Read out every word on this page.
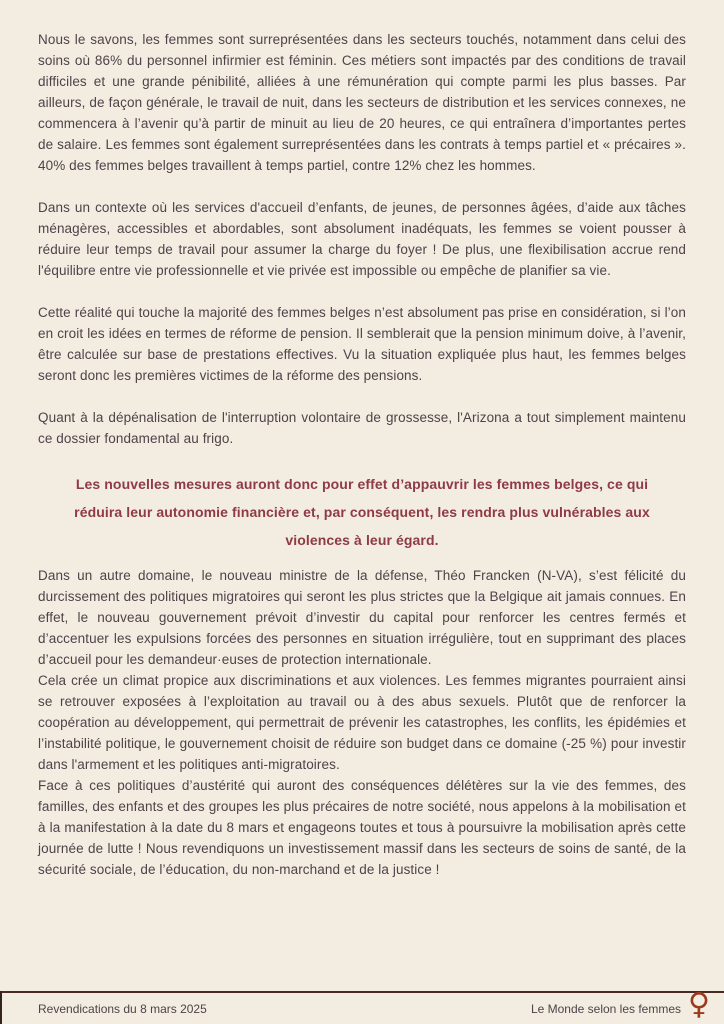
Nous le savons, les femmes sont surreprésentées dans les secteurs touchés, notamment dans celui des soins où 86% du personnel infirmier est féminin. Ces métiers sont impactés par des conditions de travail difficiles et une grande pénibilité, alliées à une rémunération qui compte parmi les plus basses. Par ailleurs, de façon générale, le travail de nuit, dans les secteurs de distribution et les services connexes, ne commencera à l’avenir qu’à partir de minuit au lieu de 20 heures, ce qui entraînera d’importantes pertes de salaire. Les femmes sont également surreprésentées dans les contrats à temps partiel et « précaires ». 40% des femmes belges travaillent à temps partiel, contre 12% chez les hommes.

Dans un contexte où les services d'accueil d’enfants, de jeunes, de personnes âgées, d’aide aux tâches ménagères, accessibles et abordables, sont absolument inadéquats, les femmes se voient pousser à réduire leur temps de travail pour assumer la charge du foyer ! De plus, une flexibilisation accrue rend l'équilibre entre vie professionnelle et vie privée est impossible ou empêche de planifier sa vie.

Cette réalité qui touche la majorité des femmes belges n’est absolument pas prise en considération, si l’on en croit les idées en termes de réforme de pension. Il semblerait que la pension minimum doive, à l’avenir, être calculée sur base de prestations effectives. Vu la situation expliquée plus haut, les femmes belges seront donc les premières victimes de la réforme des pensions.

Quant à la dépénalisation de l'interruption volontaire de grossesse, l'Arizona a tout simplement maintenu ce dossier fondamental au frigo.

Les nouvelles mesures auront donc pour effet d’appauvrir les femmes belges, ce qui réduira leur autonomie financière et, par conséquent, les rendra plus vulnérables aux violences à leur égard.

Dans un autre domaine, le nouveau ministre de la défense, Théo Francken (N-VA), s’est félicité du durcissement des politiques migratoires qui seront les plus strictes que la Belgique ait jamais connues. En effet, le nouveau gouvernement prévoit d’investir du capital pour renforcer les centres fermés et d’accentuer les expulsions forcées des personnes en situation irrégulière, tout en supprimant des places d’accueil pour les demandeur·euses de protection internationale.

Cela crée un climat propice aux discriminations et aux violences. Les femmes migrantes pourraient ainsi se retrouver exposées à l’exploitation au travail ou à des abus sexuels. Plutôt que de renforcer la coopération au développement, qui permettrait de prévenir les catastrophes, les conflits, les épidémies et l’instabilité politique, le gouvernement choisit de réduire son budget dans ce domaine (-25 %) pour investir dans l'armement et les politiques anti-migratoires.

Face à ces politiques d’austérité qui auront des conséquences délétères sur la vie des femmes, des familles, des enfants et des groupes les plus précaires de notre société, nous appelons à la mobilisation et à la manifestation à la date du 8 mars et engageons toutes et tous à poursuivre la mobilisation après cette journée de lutte ! Nous revendiquons un investissement massif dans les secteurs de soins de santé, de la sécurité sociale, de l’éducation, du non-marchand et de la justice !

Revendications du 8 mars 2025	Le Monde selon les femmes ♀
